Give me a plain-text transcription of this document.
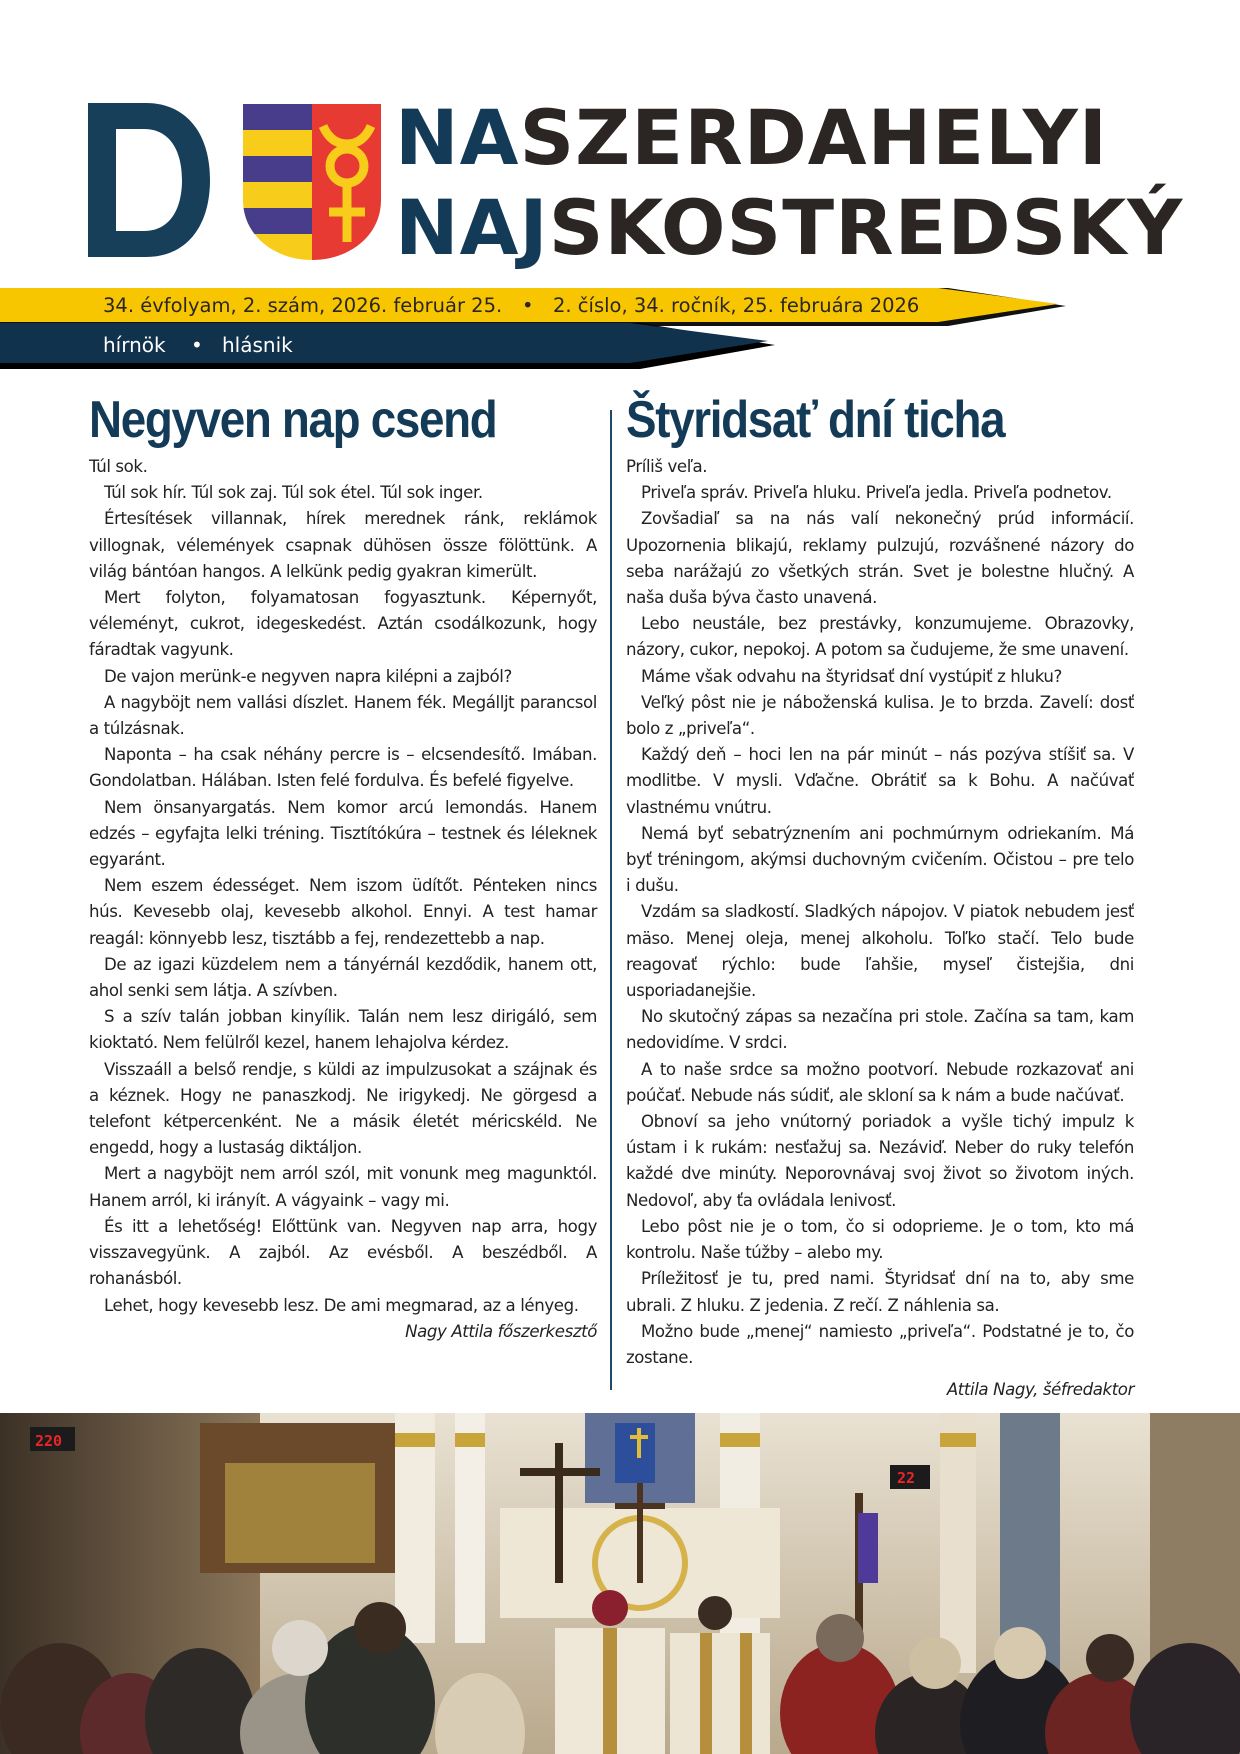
NASZERDAHELYI
NAJSKOSTREDSKÝ
34. évfolyam, 2. szám, 2026. február 25. • 2. číslo, 34. ročník, 25. februára 2026
hírnök • hlásnik
Negyven nap csend

Túl sok.

Túl sok hír. Túl sok zaj. Túl sok étel. Túl sok inger.

Értesítések villannak, hírek merednek ránk, reklámok villognak, vélemények csapnak dühösen össze fölöttünk. A világ bántóan hangos. A lelkünk pedig gyakran kimerült.

Mert folyton, folyamatosan fogyasztunk. Képernyőt, véleményt, cukrot, idegeskedést. Aztán csodálkozunk, hogy fáradtak vagyunk.

De vajon merünk-e negyven napra kilépni a zajból?

A nagyböjt nem vallási díszlet. Hanem fék. Megálljt parancsol a túlzásnak.

Naponta – ha csak néhány percre is – elcsendesítő. Imában. Gondolatban. Hálában. Isten felé fordulva. És befelé figyelve.

Nem önsanyargatás. Nem komor arcú lemondás. Hanem edzés – egyfajta lelki tréning. Tisztítókúra – testnek és léleknek egyaránt.

Nem eszem édességet. Nem iszom üdítőt. Pénteken nincs hús. Kevesebb olaj, kevesebb alkohol. Ennyi. A test hamar reagál: könnyebb lesz, tisztább a fej, rendezettebb a nap.

De az igazi küzdelem nem a tányérnál kezdődik, hanem ott, ahol senki sem látja. A szívben.

S a szív talán jobban kinyílik. Talán nem lesz dirigáló, sem kioktató. Nem felülről kezel, hanem lehajolva kérdez.

Visszaáll a belső rendje, s küldi az impulzusokat a szájnak és a kéznek. Hogy ne panaszkodj. Ne irigykedj. Ne görgesd a telefont kétpercenként. Ne a másik életét méricskéld. Ne engedd, hogy a lustaság diktáljon.

Mert a nagyböjt nem arról szól, mit vonunk meg magunktól. Hanem arról, ki irányít. A vágyaink – vagy mi.

És itt a lehetőség! Előttünk van. Negyven nap arra, hogy visszavegyünk. A zajból. Az evésből. A beszédből. A rohanásból.

Lehet, hogy kevesebb lesz. De ami megmarad, az a lényeg.

Nagy Attila főszerkesztő
Štyridsať dní ticha

Príliš veľa.

Priveľa správ. Priveľa hluku. Priveľa jedla. Priveľa podnetov.

Zovšadiaľ sa na nás valí nekonečný prúd informácií. Upozornenia blikajú, reklamy pulzujú, rozvášnené názory do seba narážajú zo všetkých strán. Svet je bolestne hlučný. A naša duša býva často unavená.

Lebo neustále, bez prestávky, konzumujeme. Obrazovky, názory, cukor, nepokoj. A potom sa čudujeme, že sme unavení.

Máme však odvahu na štyridsať dní vystúpiť z hluku?

Veľký pôst nie je náboženská kulisa. Je to brzda. Zavelí: dosť bolo z „priveľa“.

Každý deň – hoci len na pár minút – nás pozýva stíšiť sa. V modlitbe. V mysli. Vďačne. Obrátiť sa k Bohu. A načúvať vlastnému vnútru.

Nemá byť sebatrýznením ani pochmúrnym odriekaním. Má byť tréningom, akýmsi duchovným cvičením. Očistou – pre telo i dušu.

Vzdám sa sladkostí. Sladkých nápojov. V piatok nebudem jesť mäso. Menej oleja, menej alkoholu. Toľko stačí. Telo bude reagovať rýchlo: bude ľahšie, myseľ čistejšia, dni usporiadanejšie.

No skutočný zápas sa nezačína pri stole. Začína sa tam, kam nedovidíme. V srdci.

A to naše srdce sa možno pootvorí. Nebude rozkazovať ani poúčať. Nebude nás súdiť, ale skloní sa k nám a bude načúvať.

Obnoví sa jeho vnútorný poriadok a vyšle tichý impulz k ústam i k rukám: nesťažuj sa. Nezáviď. Neber do ruky telefón každé dve minúty. Neporovnávaj svoj život so životom iných. Nedovoľ, aby ťa ovládala lenivosť.

Lebo pôst nie je o tom, čo si odoprieme. Je o tom, kto má kontrolu. Naše túžby – alebo my.

Príležitosť je tu, pred nami. Štyridsať dní na to, aby sme ubrali. Z hluku. Z jedenia. Z rečí. Z náhlenia sa.

Možno bude „menej“ namiesto „priveľa“. Podstatné je to, čo zostane.

Attila Nagy, šéfredaktor
220
22
